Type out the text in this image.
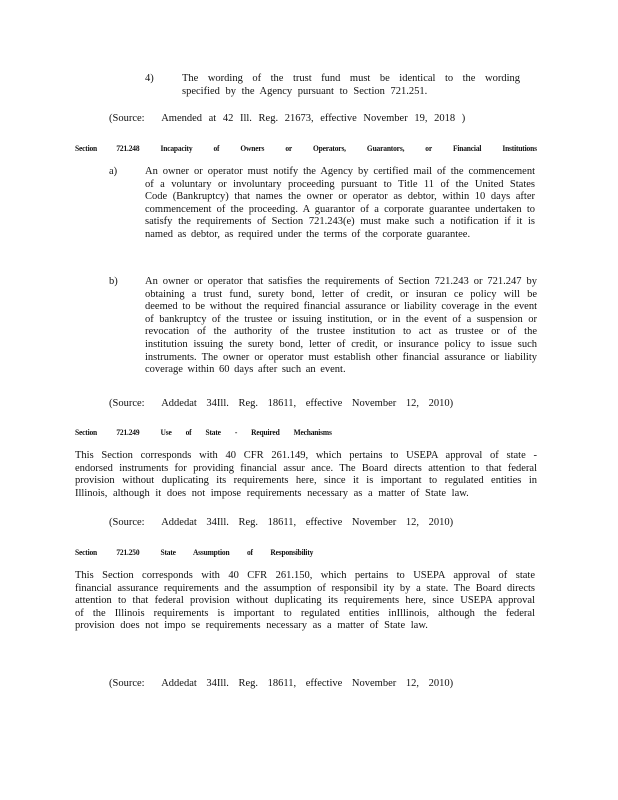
4)	The wording of the trust fund must be identical to the wording specified by the Agency pursuant to Section 721.251.
(Source: Amended at 42 Ill. Reg. 21673, effective November 19, 2018 )
Section 721.248 Incapacity of Owners or Operators, Guarantors, or Financial Institutions
a)	An owner or operator must notify the Agency by certified mail of the commencement of a voluntary or involuntary proceeding pursuant to Title 11 of the United States Code (Bankruptcy) that names the owner or operator as debtor, within 10 days after commencement of the proceeding. A guarantor of a corporate guarantee undertaken to satisfy the requirements of Section 721.243(e) must make such a notification if it is named as debtor, as required under the terms of the corporate guarantee.
b)	An owner or operator that satisfies the requirements of Section 721.243 or 721.247 by obtaining a trust fund, surety bond, letter of credit, or insuran ce policy will be deemed to be without the required financial assurance or liability coverage in the event of bankruptcy of the trustee or issuing institution, or in the event of a suspension or revocation of the authority of the trustee institution to act as trustee or of the institution issuing the surety bond, letter of credit, or insurance policy to issue such instruments. The owner or operator must establish other financial assurance or liability coverage within 60 days after such an event.
(Source: Addedat 34Ill. Reg. 18611, effective November 12, 2010)
Section 721.249 Use of State - Required Mechanisms
This Section corresponds with 40 CFR 261.149, which pertains to USEPA approval of state - endorsed instruments for providing financial assur ance. The Board directs attention to that federal provision without duplicating its requirements here, since it is important to regulated entities in Illinois, although it does not impose requirements necessary as a matter of State law.
(Source: Addedat 34Ill. Reg. 18611, effective November 12, 2010)
Section 721.250 State Assumption of Responsibility
This Section corresponds with 40 CFR 261.150, which pertains to USEPA approval of state financial assurance requirements and the assumption of responsibil ity by a state. The Board directs attention to that federal provision without duplicating its requirements here, since USEPA approval of the Illinois requirements is important to regulated entities inIllinois, although the federal provision does not impo se requirements necessary as a matter of State law.
(Source: Addedat 34Ill. Reg. 18611, effective November 12, 2010)
